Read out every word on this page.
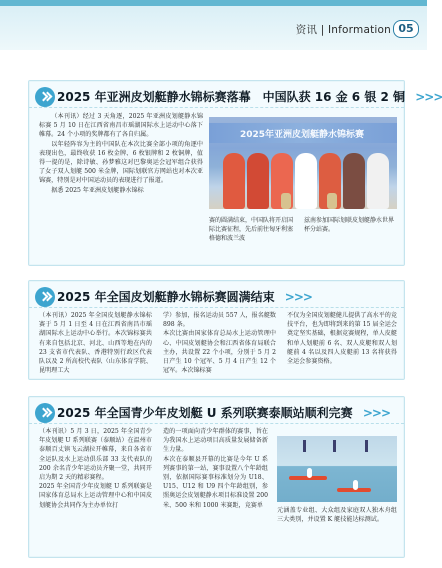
资讯 | Information 05
2025 年亚洲皮划艇静水锦标赛落幕　中国队获 16 金 6 银 2 铜 >>>

（本刊讯）经过 3 天角逐，2025 年亚洲皮划艇静水锦标赛 5 月 10 日在江西省南昌市瑶湖国际水上运动中心落下帷幕。24 个小项的奖牌都有了各自归属。

以年轻阵容为主的中国队在本次比赛全部小项的角逐中表现出色，最终收获 16 枚金牌、6 枚银牌和 2 枚铜牌，值得一提的是，除诗敏、孙梦雅这对巴黎奥运会冠军组合获得了女子双人划艇 500 米金牌，国际划联官方网站也对本次亚锦赛，特别是对中国运动员的表现进行了报道。

据悉 2025 年亚洲皮划艇静水锦标

2025年亚洲皮划艇静水锦标赛
赛的圆满结束，中国队将开启国际比赛征程，先后前往匈牙利塞格德和波兰波
兹南参加国际划联皮划艇静水世界杯分站赛。
2025 年全国皮划艇静水锦标赛圆满结束 >>>
（本刊讯）2025 年全国皮划艇静水锦标赛于 5 月 1 日至 4 日在江西省南昌市瑶湖国际水上运动中心举行。本次锦标赛共有来自包括北京、河北、山西等地在内的 23 支省市代表队、香港特别行政区代表队以及 2 所高校代表队（山东体育学院、昆明理工大
学）参加，报名运动员 557 人，报名艇数 898 条。
本次比赛由国家体育总局水上运动管理中心、中国皮划艇协会和江西省体育局联合主办，共设置 22 个小项，分别于 5 月 2 日产生 10 个冠军、5 月 4 日产生 12 个冠军。本次锦标赛
不仅为全国皮划艇健儿提供了高水平的竞技平台，也为即将到来的第 15 届全运会奠定坚实基础，根据竞赛规程，单人皮艇和单人划艇前 6 名、双人皮艇和双人划艇前 4 名以及四人皮艇前 13 名将获得全运会参赛资格。
2025 年全国青少年皮划艇 U 系列联赛泰顺站顺利完赛 >>>
（本刊讯）5 月 3 日，2025 年全国青少年皮划艇 U 系列联赛（泰顺站）在温州市泰顺百丈镇飞云湖拉开帷幕，来自各省市全运队及水上运动俱乐部 33 支代表队的 200 余名青少年运动员齐聚一堂，共同开启为期 2 天的精彩赛程。
2025 年全国青少年皮划艇 U 系列联赛是国家体育总局水上运动管理中心和中国皮划艇协会共同作为主办单位打
造的一项面向青少年群体的赛事，旨在为我国水上运动项目高质量发展储备新生力量。
本次在泰顺县开幕的比赛是今年 U 系列赛事的第一站，赛事设置八个年龄组别，依据国际赛事标准划分为 U18、U15、U12 和 U9 四个年龄组别，参照奥运会皮划艇静水项目标准设置 200 米、500 米和 1000 米赛距，竞赛单
元涵盖专业组、大众组及家庭双人独木舟组三大类别，并设置 K 艇技能达标测试。
